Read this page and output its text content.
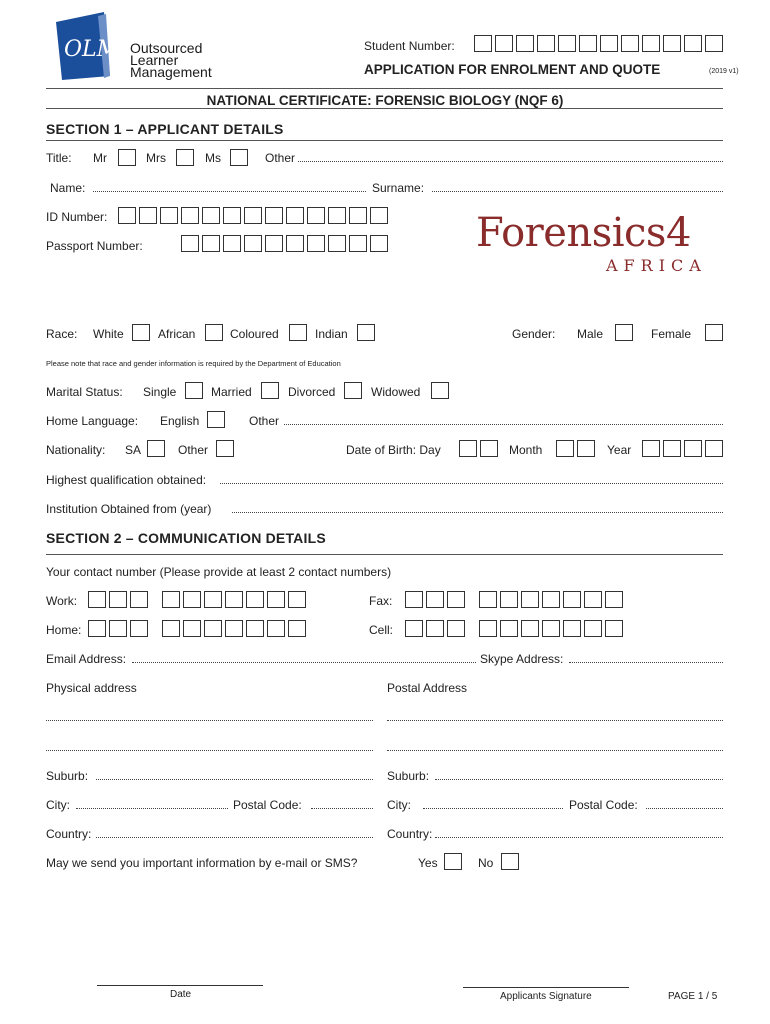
OLM Outsourced
Learner
Management
Student Number:
APPLICATION FOR ENROLMENT AND QUOTE	(2019 v1)
NATIONAL CERTIFICATE: FORENSIC BIOLOGY (NQF 6)
SECTION 1 – APPLICANT DETAILS
Title: Mr	Mrs	Ms	Other
Name:	Surname:
ID Number:
Passport Number:	Forensics4
AFRICA
Race: White	African	Coloured	Indian	Gender: Male	Female
Please note that race and gender information is required by the Department of Education
Marital Status: Single	Married	Divorced	Widowed
Home Language: English	Other
Nationality: SA	Other	Date of Birth: Day	Month	Year
Highest qualification obtained:
Institution Obtained from (year)
SECTION 2 – COMMUNICATION DETAILS
Your contact number (Please provide at least 2 contact numbers)
Work:	Fax:
Home:	Cell:
Email Address:	Skype Address:
Physical address	Postal Address
Suburb:	Suburb:
City:	Postal Code:	City:	Postal Code:
Country:	Country:
May we send you important information by e-mail or SMS?	Yes	No
Date	Applicants Signature	PAGE 1 / 5
